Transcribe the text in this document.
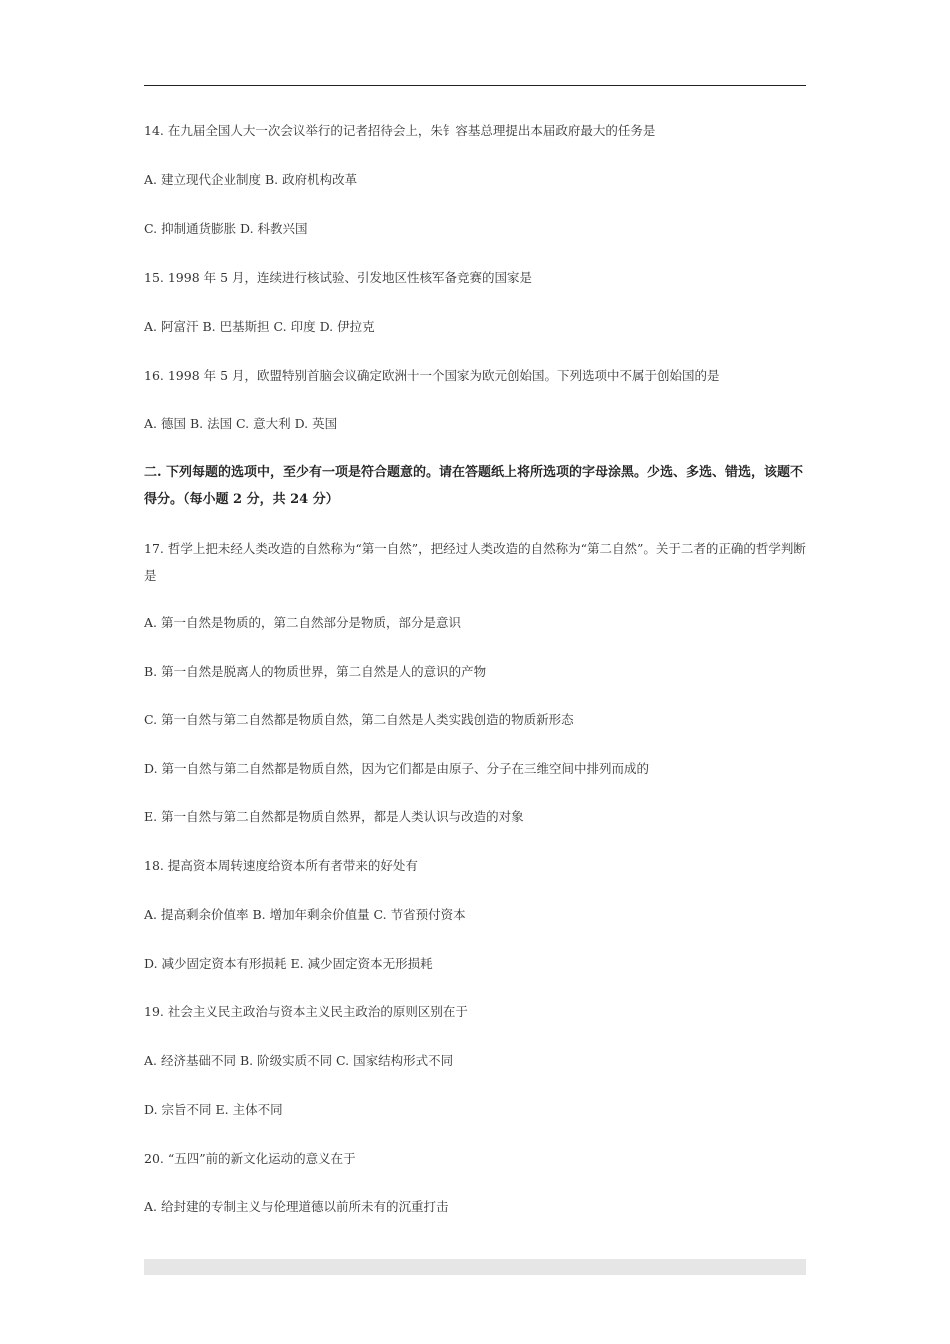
14. 在九届全国人大一次会议举行的记者招待会上，朱钅容基总理提出本届政府最大的任务是
A. 建立现代企业制度 B. 政府机构改革
C. 抑制通货膨胀 D. 科教兴国
15. 1998 年 5 月，连续进行核试验、引发地区性核军备竞赛的国家是
A. 阿富汗 B. 巴基斯担 C. 印度 D. 伊拉克
16. 1998 年 5 月，欧盟特别首脑会议确定欧洲十一个国家为欧元创始国。下列选项中不属于创始国的是
A. 德国 B. 法国 C. 意大利 D. 英国
二. 下列每题的选项中，至少有一项是符合题意的。请在答题纸上将所选项的字母涂黑。少选、多选、错选，该题不得分。（每小题 2 分，共 24 分）
17. 哲学上把未经人类改造的自然称为“第一自然”，把经过人类改造的自然称为“第二自然”。关于二者的正确的哲学判断是
A. 第一自然是物质的，第二自然部分是物质，部分是意识
B. 第一自然是脱离人的物质世界，第二自然是人的意识的产物
C. 第一自然与第二自然都是物质自然，第二自然是人类实践创造的物质新形态
D. 第一自然与第二自然都是物质自然，因为它们都是由原子、分子在三维空间中排列而成的
E. 第一自然与第二自然都是物质自然界，都是人类认识与改造的对象
18. 提高资本周转速度给资本所有者带来的好处有
A. 提高剩余价值率 B. 增加年剩余价值量 C. 节省预付资本
D. 减少固定资本有形损耗 E. 减少固定资本无形损耗
19. 社会主义民主政治与资本主义民主政治的原则区别在于
A. 经济基础不同 B. 阶级实质不同 C. 国家结构形式不同
D. 宗旨不同 E. 主体不同
20. “五四”前的新文化运动的意义在于
A. 给封建的专制主义与伦理道德以前所未有的沉重打击
